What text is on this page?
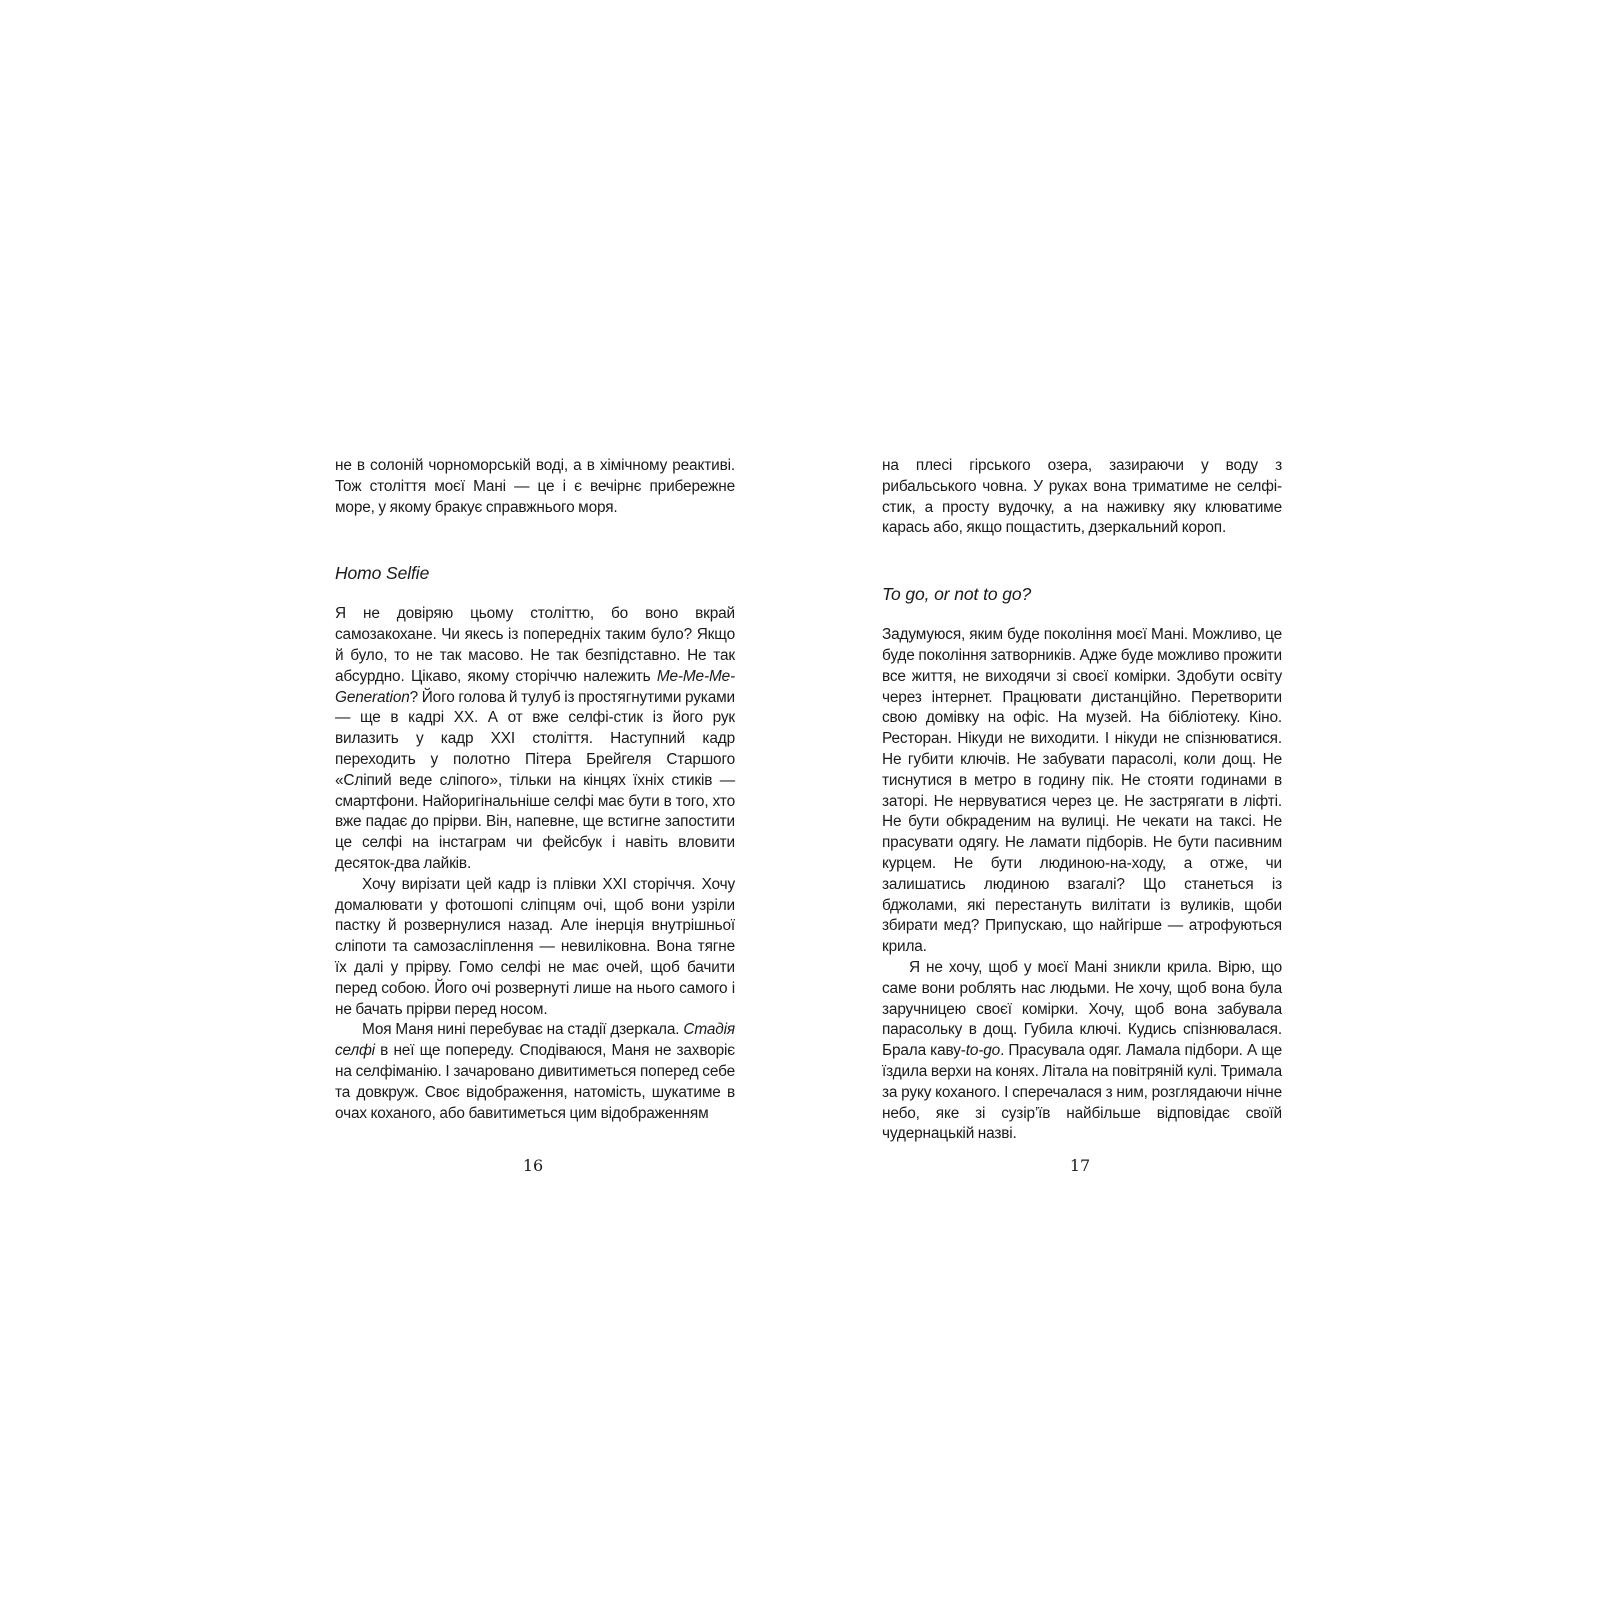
не в солоній чорноморській воді, а в хімічному реактиві. Тож століття моєї Мані — це і є вечірнє прибережне море, у якому бракує справжнього моря.

Homo Selfie

Я не довіряю цьому століттю, бо воно вкрай самозакохане. Чи якесь із попередніх таким було? Якщо й було, то не так масово. Не так безпідставно. Не так абсурдно. Цікаво, якому сторіччю належить Me-Me-Me-Generation? Його голова й тулуб із простягнутими руками — ще в кадрі ХХ. А от вже селфі-стик із його рук вилазить у кадр ХХІ століття. Наступний кадр переходить у полотно Пітера Брейгеля Старшого «Сліпий веде сліпого», тільки на кінцях їхніх стиків — смартфони. Найоригінальніше селфі має бути в того, хто вже падає до прірви. Він, напевне, ще встигне запостити це селфі на інстаграм чи фейсбук і навіть вловити десяток-два лайків.

Хочу вирізати цей кадр із плівки ХХІ сторіччя. Хочу домалювати у фотошопі сліпцям очі, щоб вони узріли пастку й розвернулися назад. Але інерція внутрішньої сліпоти та самозасліплення — невиліковна. Вона тягне їх далі у прірву. Гомо селфі не має очей, щоб бачити перед собою. Його очі розвернуті лише на нього самого і не бачать прірви перед носом.

Моя Маня нині перебуває на стадії дзеркала. Стадія селфі в неї ще попереду. Сподіваюся, Маня не захворіє на селфіманію. І зачаровано дивитиметься поперед себе та довкруж. Своє відображення, натомість, шукатиме в очах коханого, або бавитиметься цим відображенням

на плесі гірського озера, зазираючи у воду з рибальського човна. У руках вона триматиме не селфі-стик, а просту вудочку, а на наживку яку клюватиме карась або, якщо пощастить, дзеркальний короп.

To go, or not to go?

Задумуюся, яким буде покоління моєї Мані. Можливо, це буде покоління затворників. Адже буде можливо прожити все життя, не виходячи зі своєї комірки. Здобути освіту через інтернет. Працювати дистанційно. Перетворити свою домівку на офіс. На музей. На бібліотеку. Кіно. Ресторан. Нікуди не виходити. І нікуди не спізнюватися. Не губити ключів. Не забувати парасолі, коли дощ. Не тиснутися в метро в годину пік. Не стояти годинами в заторі. Не нервуватися через це. Не застрягати в ліфті. Не бути обкраденим на вулиці. Не чекати на таксі. Не прасувати одягу. Не ламати підборів. Не бути пасивним курцем. Не бути людиною-на-ходу, а отже, чи залишатись людиною взагалі? Що станеться із бджолами, які перестануть вилітати із вуликів, щоби збирати мед? Припускаю, що найгірше — атрофуються крила.

Я не хочу, щоб у моєї Мані зникли крила. Вірю, що саме вони роблять нас людьми. Не хочу, щоб вона була заручницею своєї комірки. Хочу, щоб вона забувала парасольку в дощ. Губила ключі. Кудись спізнювалася. Брала каву-to-go. Прасувала одяг. Ламала підбори. А ще їздила верхи на конях. Літала на повітряній кулі. Тримала за руку коханого. І сперечалася з ним, розглядаючи нічне небо, яке зі сузір’їв найбільше відповідає своїй чудернацькій назві.

16	17
